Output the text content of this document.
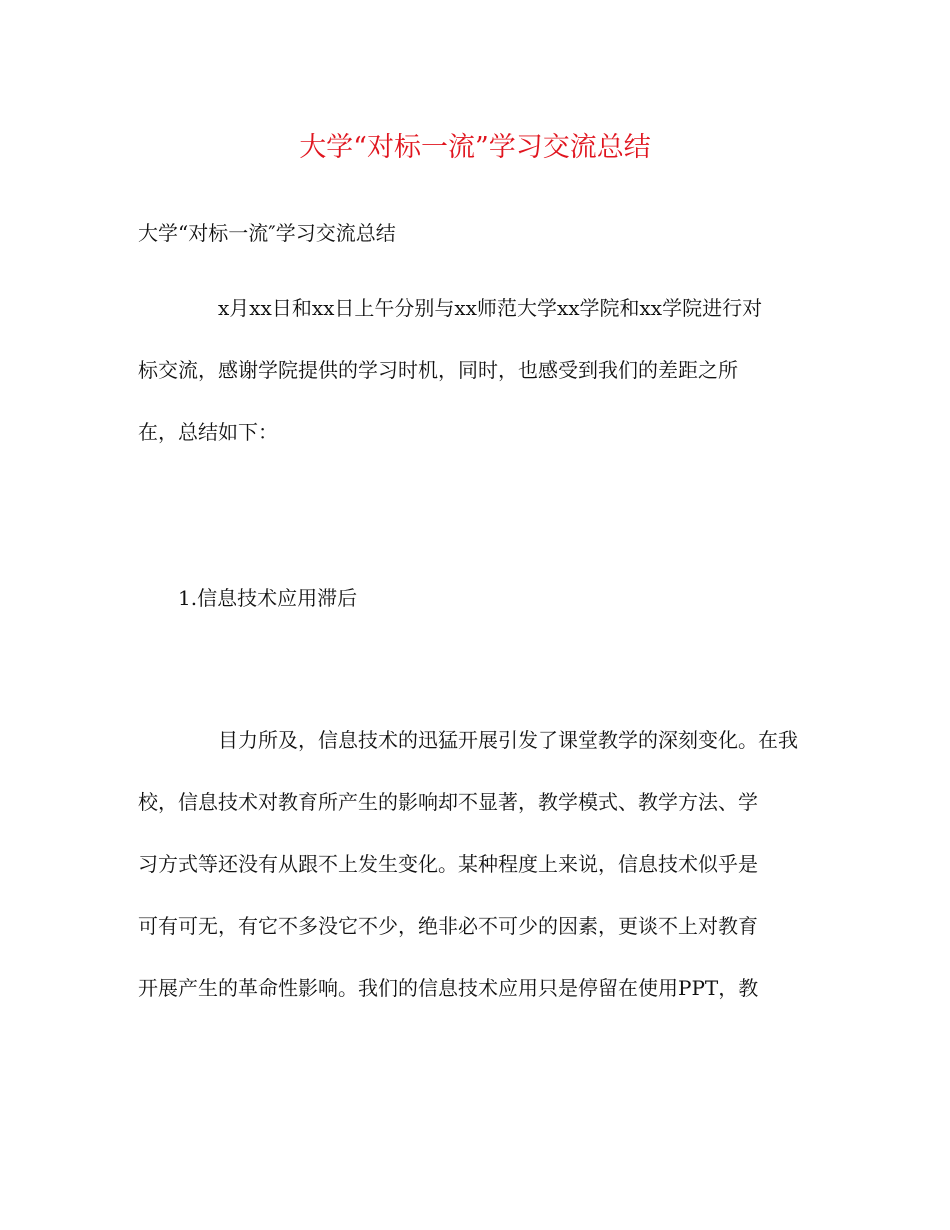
大学“对标一流”学习交流总结
大学“对标一流″学习交流总结
x月xx日和xx日上午分别与xx师范大学xx学院和xx学院进行对
标交流，感谢学院提供的学习时机，同时，也感受到我们的差距之所
在，总结如下：
1.信息技术应用滞后
目力所及，信息技术的迅猛开展引发了课堂教学的深刻变化。在我
校，信息技术对教育所产生的影响却不显著，教学模式、教学方法、学
习方式等还没有从跟不上发生变化。某种程度上来说，信息技术似乎是
可有可无，有它不多没它不少，绝非必不可少的因素，更谈不上对教育
开展产生的革命性影响。我们的信息技术应用只是停留在使用PPT，教
